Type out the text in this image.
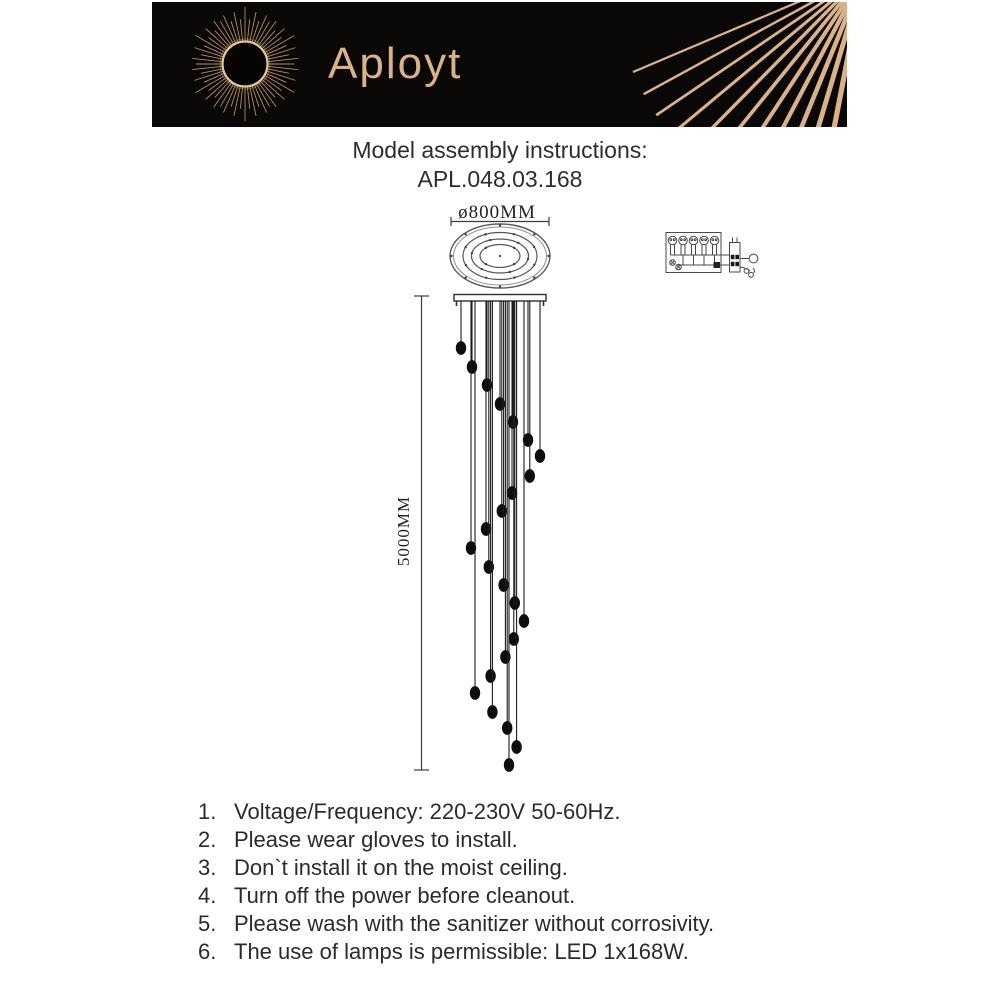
Aployt
Model assembly instructions:
APL.048.03.168
ø800MM
5000MM
1. Voltage/Frequency: 220-230V 50-60Hz.
2. Please wear gloves to install.
3. Don`t install it on the moist ceiling.
4. Turn off the power before cleanout.
5. Please wash with the sanitizer without corrosivity.
6. The use of lamps is permissible: LED 1x168W.
